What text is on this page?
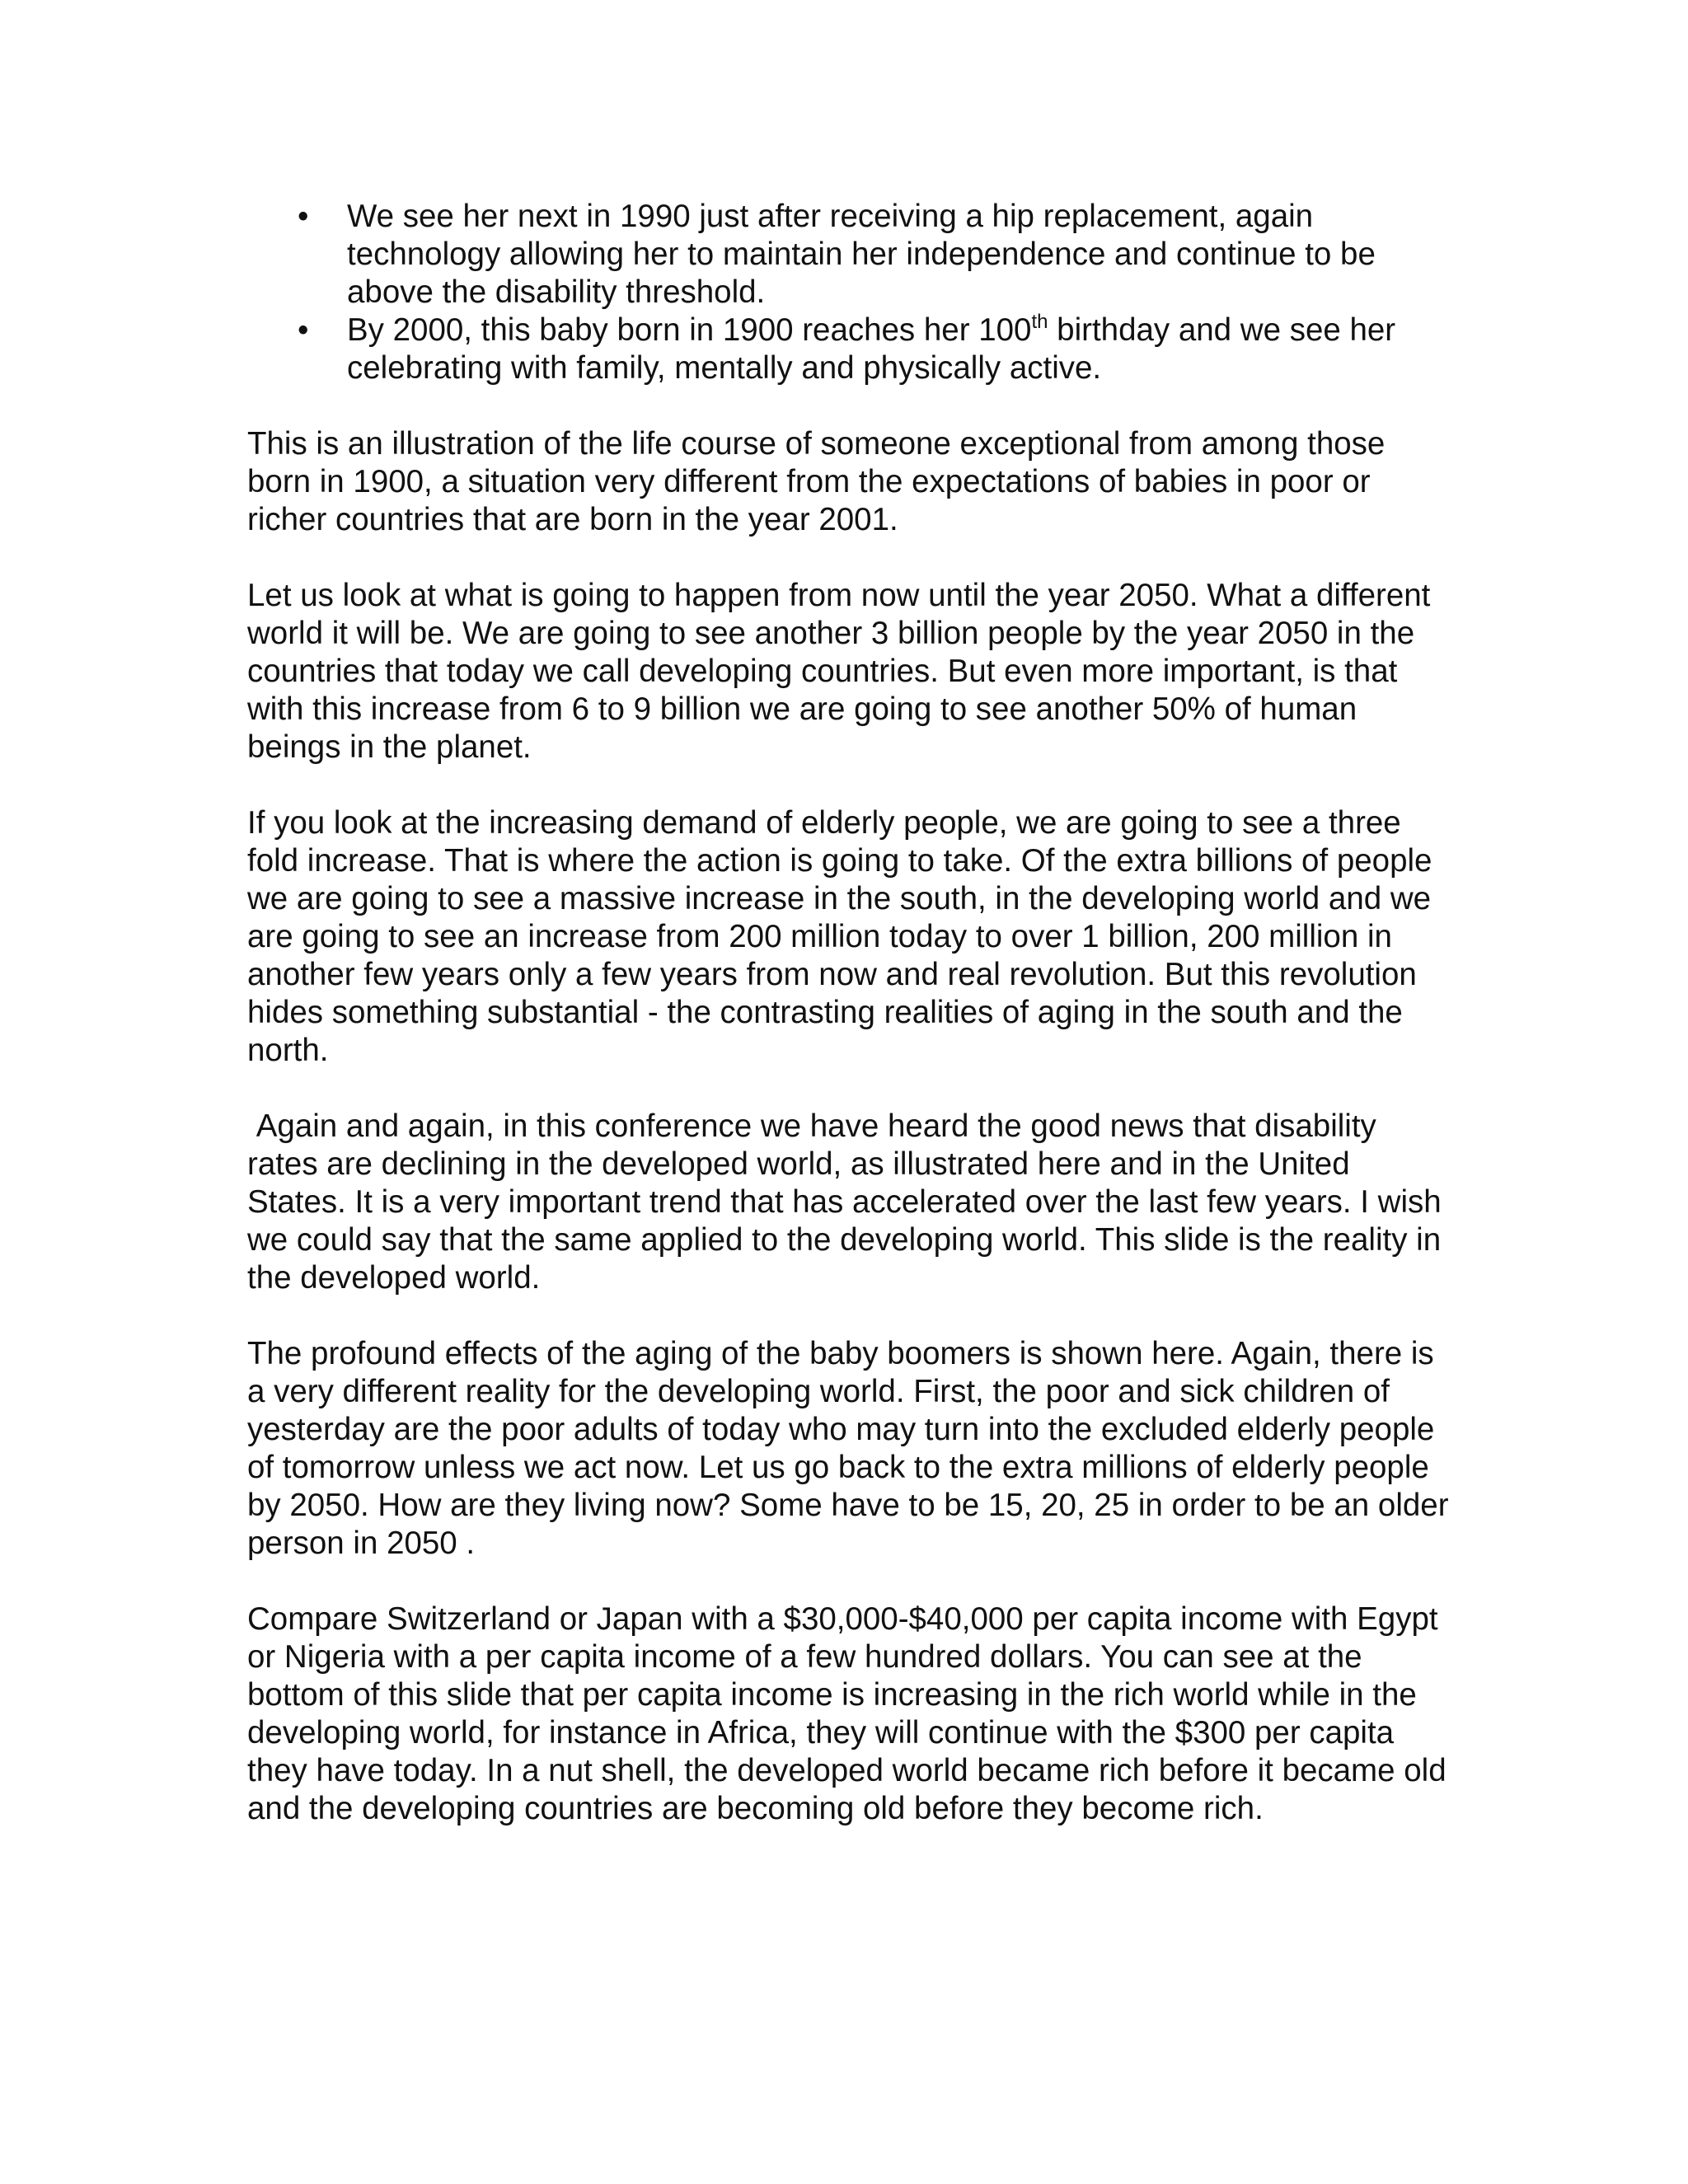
• We see her next in 1990 just after receiving a hip replacement, again technology allowing her to maintain her independence and continue to be above the disability threshold.
• By 2000, this baby born in 1900 reaches her 100th birthday and we see her celebrating with family, mentally and physically active.

This is an illustration of the life course of someone exceptional from among those born in 1900, a situation very different from the expectations of babies in poor or richer countries that are born in the year 2001.

Let us look at what is going to happen from now until the year 2050. What a different world it will be. We are going to see another 3 billion people by the year 2050 in the countries that today we call developing countries. But even more important, is that with this increase from 6 to 9 billion we are going to see another 50% of human beings in the planet.

If you look at the increasing demand of elderly people, we are going to see a three fold increase. That is where the action is going to take. Of the extra billions of people we are going to see a massive increase in the south, in the developing world and we are going to see an increase from 200 million today to over 1 billion, 200 million in another few years only a few years from now and real revolution. But this revolution hides something substantial - the contrasting realities of aging in the south and the north.

Again and again, in this conference we have heard the good news that disability rates are declining in the developed world, as illustrated here and in the United States. It is a very important trend that has accelerated over the last few years. I wish we could say that the same applied to the developing world. This slide is the reality in the developed world.

The profound effects of the aging of the baby boomers is shown here. Again, there is a very different reality for the developing world. First, the poor and sick children of yesterday are the poor adults of today who may turn into the excluded elderly people of tomorrow unless we act now. Let us go back to the extra millions of elderly people by 2050. How are they living now? Some have to be 15, 20, 25 in order to be an older person in 2050 .

Compare Switzerland or Japan with a $30,000-$40,000 per capita income with Egypt or Nigeria with a per capita income of a few hundred dollars. You can see at the bottom of this slide that per capita income is increasing in the rich world while in the developing world, for instance in Africa, they will continue with the $300 per capita they have today. In a nut shell, the developed world became rich before it became old and the developing countries are becoming old before they become rich.
